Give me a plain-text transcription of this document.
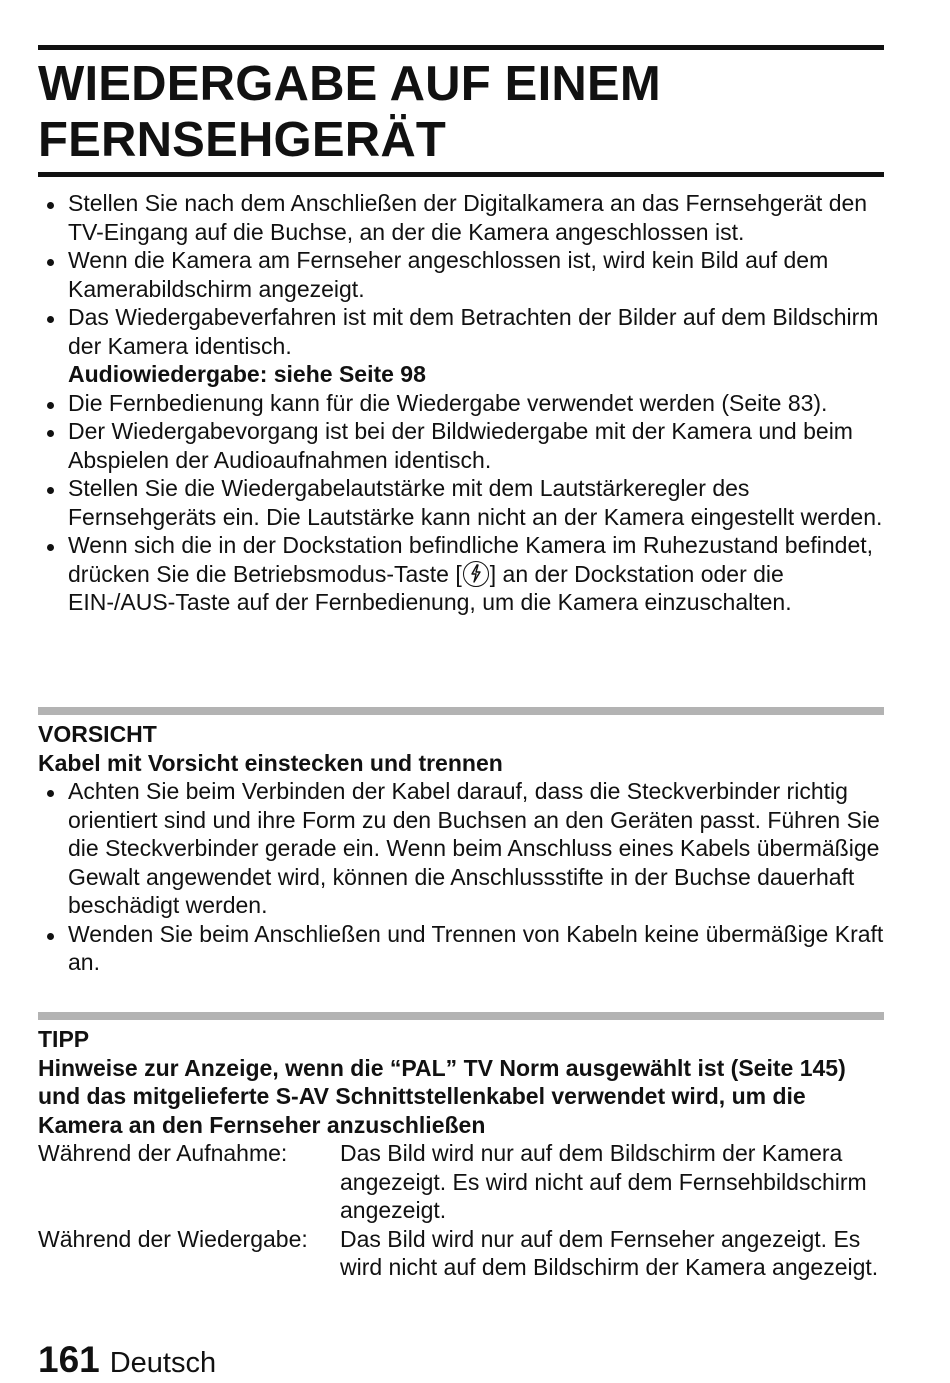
WIEDERGABE AUF EINEM
FERNSEHGERÄT
Stellen Sie nach dem Anschließen der Digitalkamera an das Fernsehgerät den TV-Eingang auf die Buchse, an der die Kamera angeschlossen ist.
Wenn die Kamera am Fernseher angeschlossen ist, wird kein Bild auf dem Kamerabildschirm angezeigt.
Das Wiedergabeverfahren ist mit dem Betrachten der Bilder auf dem Bildschirm der Kamera identisch.
Audiowiedergabe: siehe Seite 98
Die Fernbedienung kann für die Wiedergabe verwendet werden (Seite 83).
Der Wiedergabevorgang ist bei der Bildwiedergabe mit der Kamera und beim Abspielen der Audioaufnahmen identisch.
Stellen Sie die Wiedergabelautstärke mit dem Lautstärkeregler des Fernsehgeräts ein. Die Lautstärke kann nicht an der Kamera eingestellt werden.
Wenn sich die in der Dockstation befindliche Kamera im Ruhezustand befindet, drücken Sie die Betriebsmodus-Taste [ ] an der Dockstation oder die EIN-/AUS-Taste auf der Fernbedienung, um die Kamera einzuschalten.
VORSICHT
Kabel mit Vorsicht einstecken und trennen
Achten Sie beim Verbinden der Kabel darauf, dass die Steckverbinder richtig orientiert sind und ihre Form zu den Buchsen an den Geräten passt. Führen Sie die Steckverbinder gerade ein. Wenn beim Anschluss eines Kabels übermäßige Gewalt angewendet wird, können die Anschlussstifte in der Buchse dauerhaft beschädigt werden.
Wenden Sie beim Anschließen und Trennen von Kabeln keine übermäßige Kraft an.
TIPP
Hinweise zur Anzeige, wenn die “PAL” TV Norm ausgewählt ist (Seite 145) und das mitgelieferte S-AV Schnittstellenkabel verwendet wird, um die Kamera an den Fernseher anzuschließen
Während der Aufnahme:	Das Bild wird nur auf dem Bildschirm der Kamera angezeigt. Es wird nicht auf dem Fernsehbildschirm angezeigt.
Während der Wiedergabe:	Das Bild wird nur auf dem Fernseher angezeigt. Es wird nicht auf dem Bildschirm der Kamera angezeigt.
161 Deutsch
